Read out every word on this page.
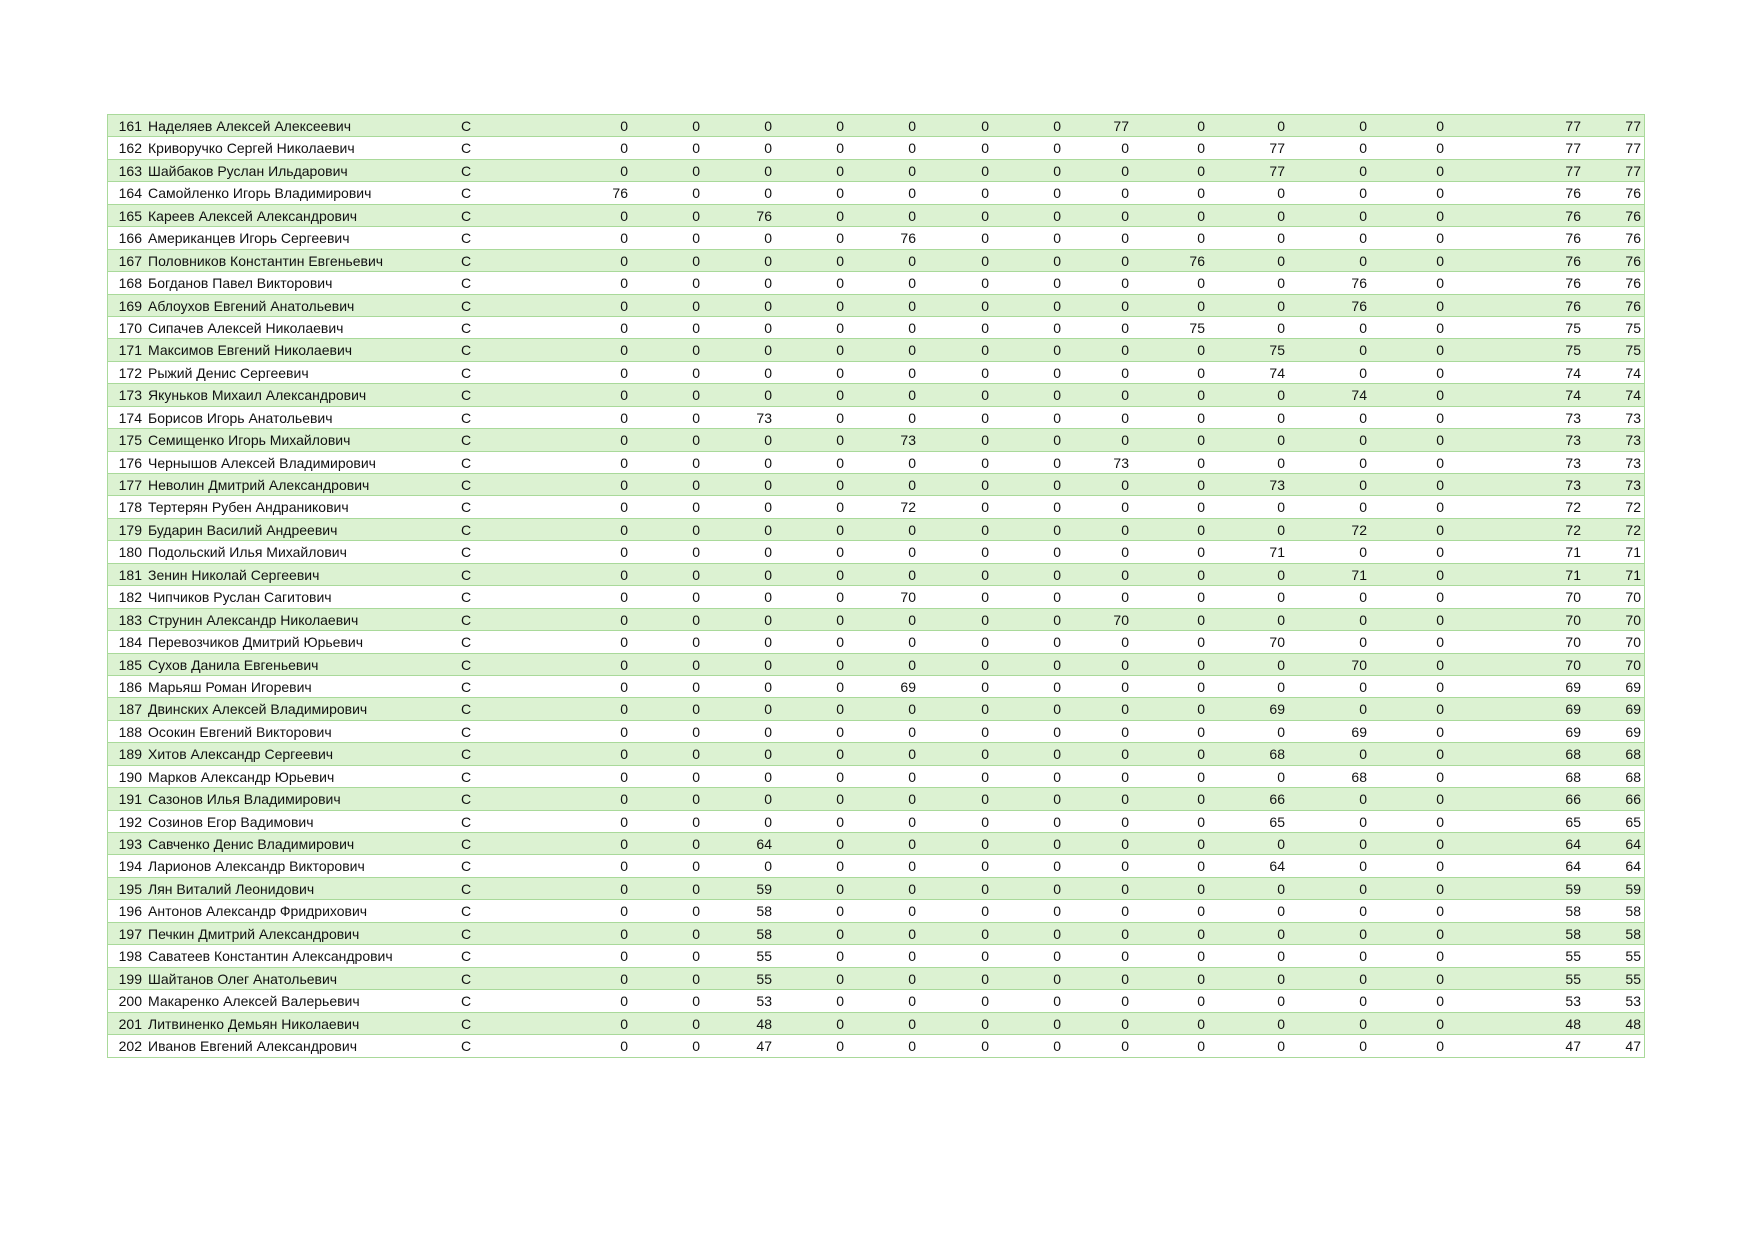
161 Наделяев Алексей Алексеевич	С	0	0	0	0	0	0	0	77	0	0	0	0	77	77
162 Криворучко Сергей Николаевич	С	0	0	0	0	0	0	0	0	0	77	0	0	77	77
163 Шайбаков Руслан Ильдарович	С	0	0	0	0	0	0	0	0	0	77	0	0	77	77
164 Самойленко Игорь Владимирович	С	76	0	0	0	0	0	0	0	0	0	0	0	76	76
165 Кареев Алексей Александрович	С	0	0	76	0	0	0	0	0	0	0	0	0	76	76
166 Американцев Игорь Сергеевич	С	0	0	0	0	76	0	0	0	0	0	0	0	76	76
167 Половников Константин Евгеньевич	С	0	0	0	0	0	0	0	0	76	0	0	0	76	76
168 Богданов Павел Викторович	С	0	0	0	0	0	0	0	0	0	0	76	0	76	76
169 Аблоухов Евгений Анатольевич	С	0	0	0	0	0	0	0	0	0	0	76	0	76	76
170 Сипачев Алексей Николаевич	С	0	0	0	0	0	0	0	0	75	0	0	0	75	75
171 Максимов Евгений Николаевич	С	0	0	0	0	0	0	0	0	0	75	0	0	75	75
172 Рыжий Денис Сергеевич	С	0	0	0	0	0	0	0	0	0	74	0	0	74	74
173 Якуньков Михаил Александрович	С	0	0	0	0	0	0	0	0	0	0	74	0	74	74
174 Борисов Игорь Анатольевич	С	0	0	73	0	0	0	0	0	0	0	0	0	73	73
175 Семищенко Игорь Михайлович	С	0	0	0	0	73	0	0	0	0	0	0	0	73	73
176 Чернышов Алексей Владимирович	С	0	0	0	0	0	0	0	73	0	0	0	0	73	73
177 Неволин Дмитрий Александрович	С	0	0	0	0	0	0	0	0	0	73	0	0	73	73
178 Тертерян Рубен Андраникович	С	0	0	0	0	72	0	0	0	0	0	0	0	72	72
179 Бударин Василий Андреевич	С	0	0	0	0	0	0	0	0	0	0	72	0	72	72
180 Подольский Илья Михайлович	С	0	0	0	0	0	0	0	0	0	71	0	0	71	71
181 Зенин Николай Сергеевич	С	0	0	0	0	0	0	0	0	0	0	71	0	71	71
182 Чипчиков Руслан Сагитович	С	0	0	0	0	70	0	0	0	0	0	0	0	70	70
183 Струнин Александр Николаевич	С	0	0	0	0	0	0	0	70	0	0	0	0	70	70
184 Перевозчиков Дмитрий Юрьевич	С	0	0	0	0	0	0	0	0	0	70	0	0	70	70
185 Сухов Данила Евгеньевич	С	0	0	0	0	0	0	0	0	0	0	70	0	70	70
186 Марьяш Роман Игоревич	С	0	0	0	0	69	0	0	0	0	0	0	0	69	69
187 Двинских Алексей Владимирович	С	0	0	0	0	0	0	0	0	0	69	0	0	69	69
188 Осокин Евгений Викторович	С	0	0	0	0	0	0	0	0	0	0	69	0	69	69
189 Хитов Александр Сергеевич	С	0	0	0	0	0	0	0	0	0	68	0	0	68	68
190 Марков Александр Юрьевич	С	0	0	0	0	0	0	0	0	0	0	68	0	68	68
191 Сазонов Илья Владимирович	С	0	0	0	0	0	0	0	0	0	66	0	0	66	66
192 Созинов Егор Вадимович	С	0	0	0	0	0	0	0	0	0	65	0	0	65	65
193 Савченко Денис Владимирович	С	0	0	64	0	0	0	0	0	0	0	0	0	64	64
194 Ларионов Александр Викторович	С	0	0	0	0	0	0	0	0	0	64	0	0	64	64
195 Лян Виталий Леонидович	С	0	0	59	0	0	0	0	0	0	0	0	0	59	59
196 Антонов Александр Фридрихович	С	0	0	58	0	0	0	0	0	0	0	0	0	58	58
197 Печкин Дмитрий Александрович	С	0	0	58	0	0	0	0	0	0	0	0	0	58	58
198 Саватеев Константин Александрович	С	0	0	55	0	0	0	0	0	0	0	0	0	55	55
199 Шайтанов Олег Анатольевич	С	0	0	55	0	0	0	0	0	0	0	0	0	55	55
200 Макаренко Алексей Валерьевич	С	0	0	53	0	0	0	0	0	0	0	0	0	53	53
201 Литвиненко Демьян Николаевич	С	0	0	48	0	0	0	0	0	0	0	0	0	48	48
202 Иванов Евгений Александрович	С	0	0	47	0	0	0	0	0	0	0	0	0	47	47
